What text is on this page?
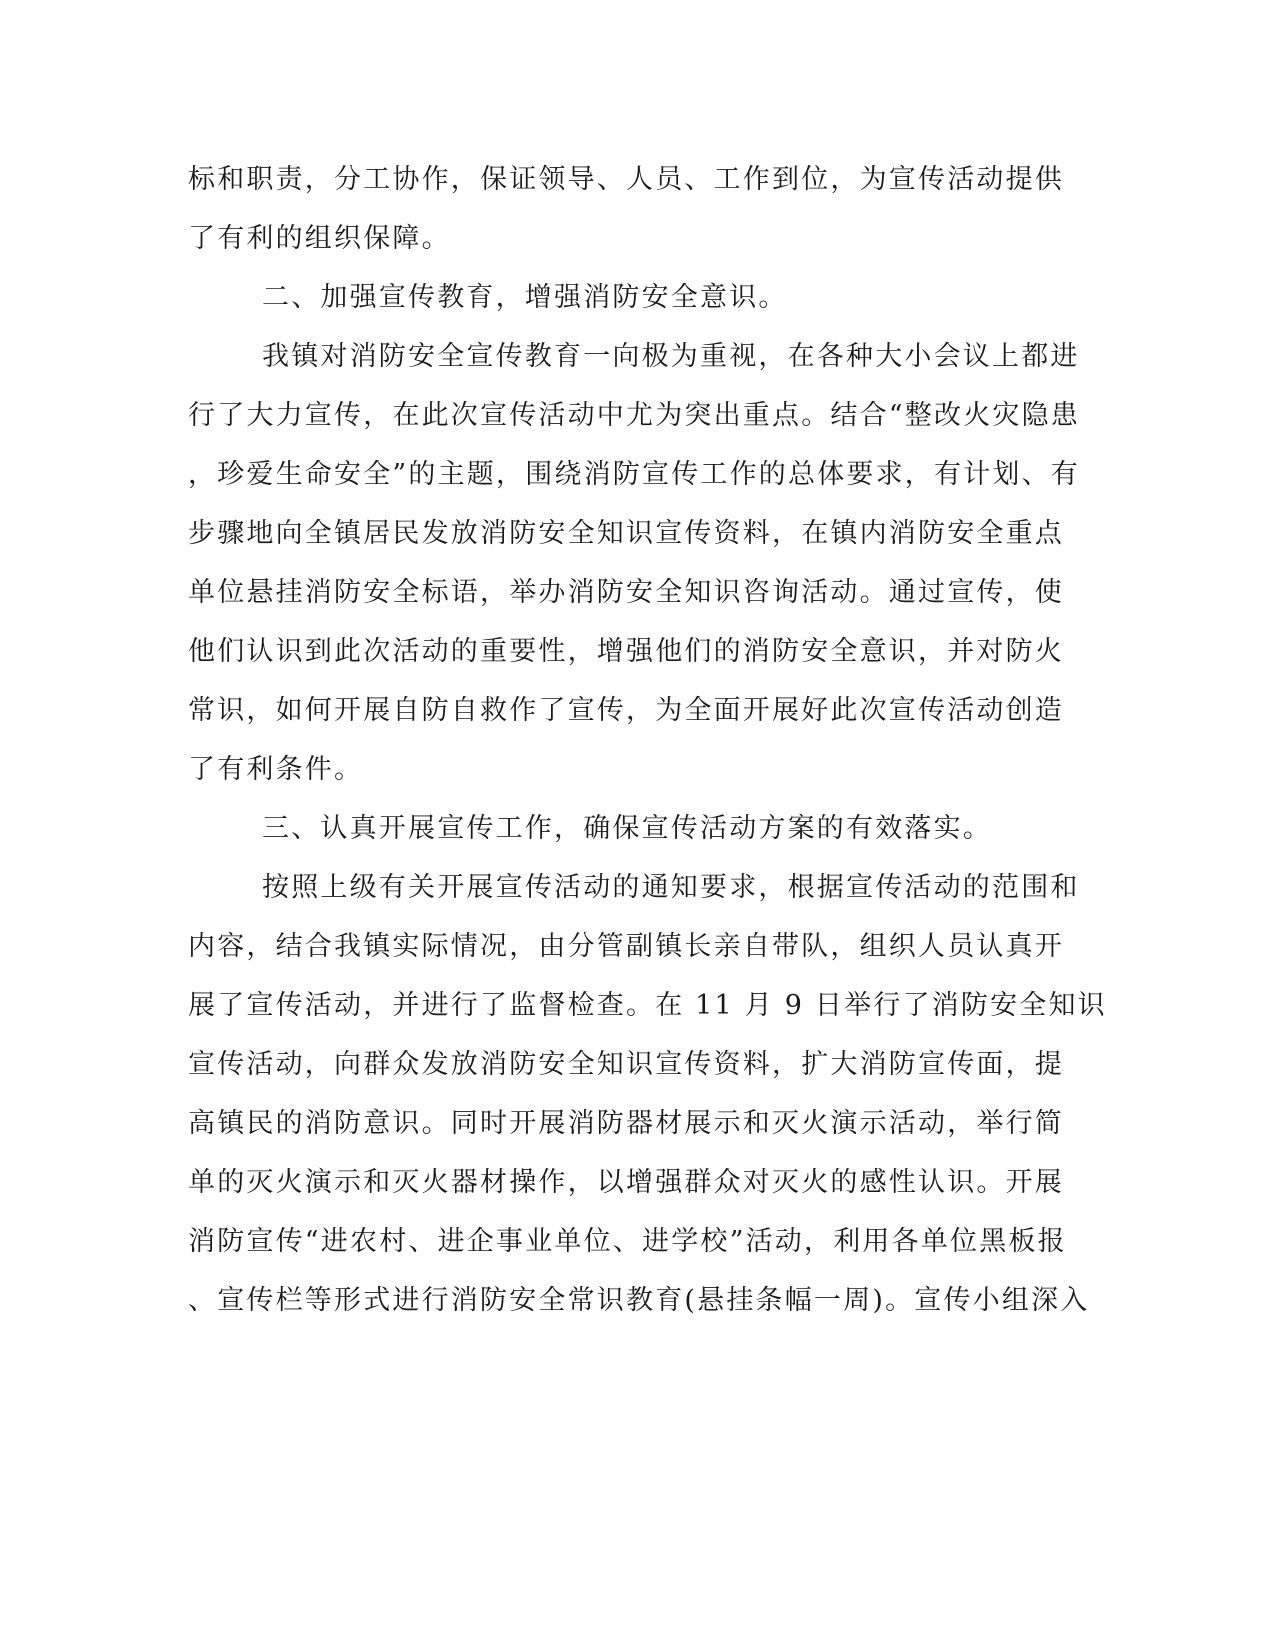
标和职责，分工协作，保证领导、人员、工作到位，为宣传活动提供
了有利的组织保障。
二、加强宣传教育，增强消防安全意识。
我镇对消防安全宣传教育一向极为重视，在各种大小会议上都进
行了大力宣传，在此次宣传活动中尤为突出重点。结合“整改火灾隐患
，珍爱生命安全”的主题，围绕消防宣传工作的总体要求，有计划、有
步骤地向全镇居民发放消防安全知识宣传资料，在镇内消防安全重点
单位悬挂消防安全标语，举办消防安全知识咨询活动。通过宣传，使
他们认识到此次活动的重要性，增强他们的消防安全意识，并对防火
常识，如何开展自防自救作了宣传，为全面开展好此次宣传活动创造
了有利条件。
三、认真开展宣传工作，确保宣传活动方案的有效落实。
按照上级有关开展宣传活动的通知要求，根据宣传活动的范围和
内容，结合我镇实际情况，由分管副镇长亲自带队，组织人员认真开
展了宣传活动，并进行了监督检查。在 11 月 9 日举行了消防安全知识
宣传活动，向群众发放消防安全知识宣传资料，扩大消防宣传面，提
高镇民的消防意识。同时开展消防器材展示和灭火演示活动，举行简
单的灭火演示和灭火器材操作，以增强群众对灭火的感性认识。开展
消防宣传“进农村、进企事业单位、进学校”活动，利用各单位黑板报
、宣传栏等形式进行消防安全常识教育(悬挂条幅一周)。宣传小组深入
